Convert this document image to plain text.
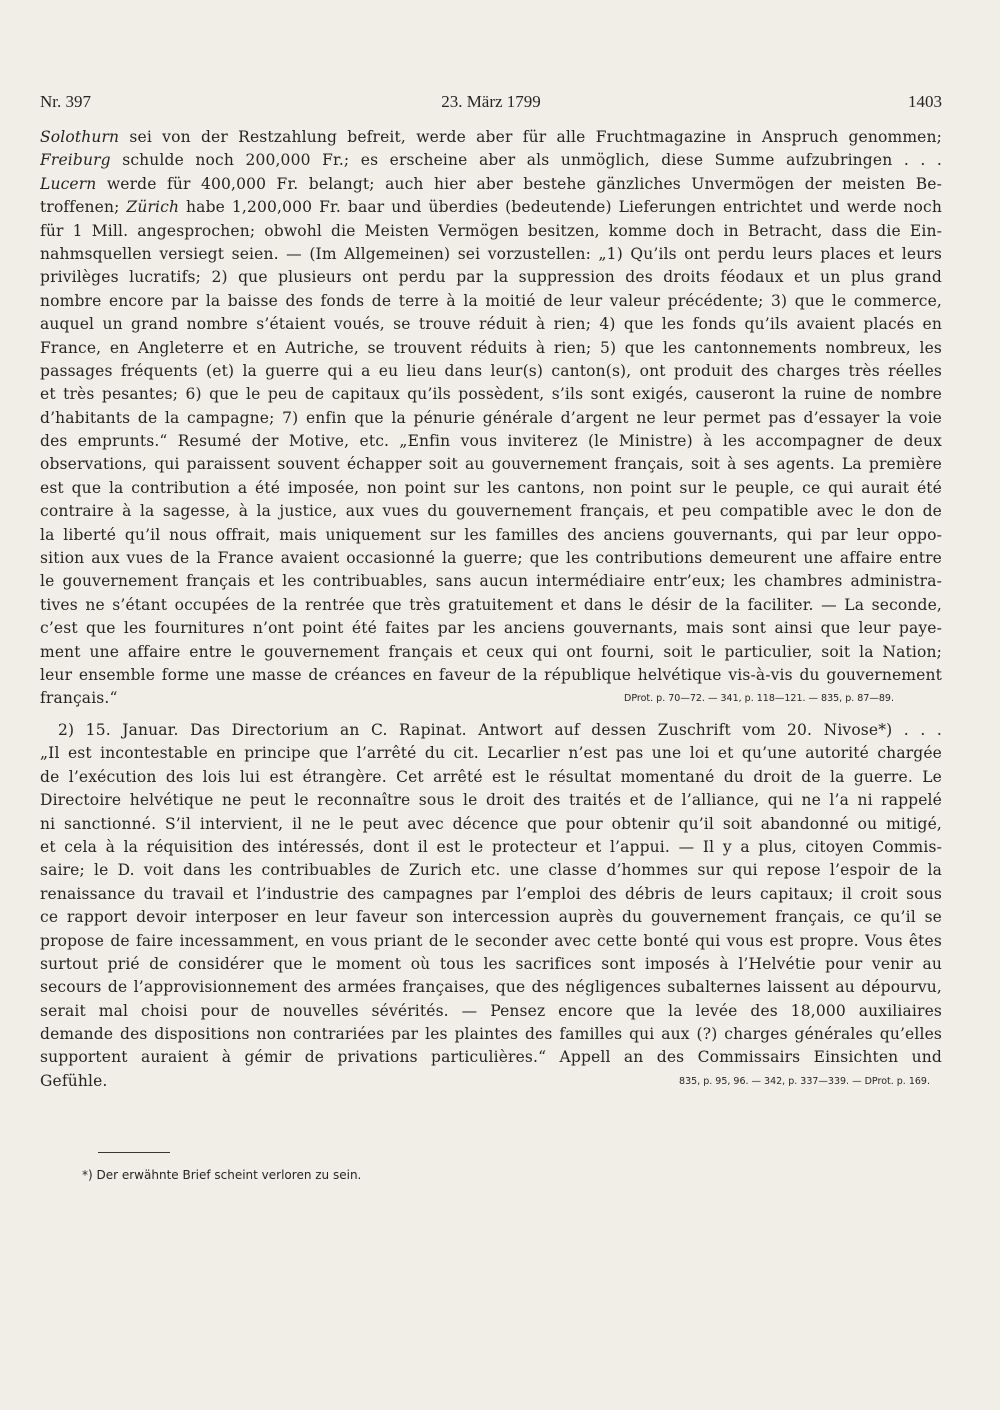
Nr. 397	23. März 1799	1403
Solothurn sei von der Restzahlung befreit, werde aber für alle Fruchtmagazine in Anspruch genommen;
Freiburg schulde noch 200,000 Fr.; es erscheine aber als unmöglich, diese Summe aufzubringen . . .
Lucern werde für 400,000 Fr. belangt; auch hier aber bestehe gänzliches Unvermögen der meisten Be-
troffenen; Zürich habe 1,200,000 Fr. baar und überdies (bedeutende) Lieferungen entrichtet und werde noch
für 1 Mill. angesprochen; obwohl die Meisten Vermögen besitzen, komme doch in Betracht, dass die Ein-
nahmsquellen versiegt seien. — (Im Allgemeinen) sei vorzustellen: „1) Qu’ils ont perdu leurs places et leurs
privilèges lucratifs; 2) que plusieurs ont perdu par la suppression des droits féodaux et un plus grand
nombre encore par la baisse des fonds de terre à la moitié de leur valeur précédente; 3) que le commerce,
auquel un grand nombre s’étaient voués, se trouve réduit à rien; 4) que les fonds qu’ils avaient placés en
France, en Angleterre et en Autriche, se trouvent réduits à rien; 5) que les cantonnements nombreux, les
passages fréquents (et) la guerre qui a eu lieu dans leur(s) canton(s), ont produit des charges très réelles
et très pesantes; 6) que le peu de capitaux qu’ils possèdent, s’ils sont exigés, causeront la ruine de nombre
d’habitants de la campagne; 7) enfin que la pénurie générale d’argent ne leur permet pas d’essayer la voie
des emprunts.“ Resumé der Motive, etc. „Enfin vous inviterez (le Ministre) à les accompagner de deux
observations, qui paraissent souvent échapper soit au gouvernement français, soit à ses agents. La première
est que la contribution a été imposée, non point sur les cantons, non point sur le peuple, ce qui aurait été
contraire à la sagesse, à la justice, aux vues du gouvernement français, et peu compatible avec le don de
la liberté qu’il nous offrait, mais uniquement sur les familles des anciens gouvernants, qui par leur oppo-
sition aux vues de la France avaient occasionné la guerre; que les contributions demeurent une affaire entre
le gouvernement français et les contribuables, sans aucun intermédiaire entr’eux; les chambres administra-
tives ne s’étant occupées de la rentrée que très gratuitement et dans le désir de la faciliter. — La seconde,
c’est que les fournitures n’ont point été faites par les anciens gouvernants, mais sont ainsi que leur paye-
ment une affaire entre le gouvernement français et ceux qui ont fourni, soit le particulier, soit la Nation;
leur ensemble forme une masse de créances en faveur de la république helvétique vis-à-vis du gouvernement
français.“	DProt. p. 70—72. — 341, p. 118—121. — 835, p. 87—89.
2) 15. Januar. Das Directorium an C. Rapinat. Antwort auf dessen Zuschrift vom 20. Nivose*) . . .
„Il est incontestable en principe que l’arrêté du cit. Lecarlier n’est pas une loi et qu’une autorité chargée
de l’exécution des lois lui est étrangère. Cet arrêté est le résultat momentané du droit de la guerre. Le
Directoire helvétique ne peut le reconnaître sous le droit des traités et de l’alliance, qui ne l’a ni rappelé
ni sanctionné. S’il intervient, il ne le peut avec décence que pour obtenir qu’il soit abandonné ou mitigé,
et cela à la réquisition des intéressés, dont il est le protecteur et l’appui. — Il y a plus, citoyen Commis-
saire; le D. voit dans les contribuables de Zurich etc. une classe d’hommes sur qui repose l’espoir de la
renaissance du travail et l’industrie des campagnes par l’emploi des débris de leurs capitaux; il croit sous
ce rapport devoir interposer en leur faveur son intercession auprès du gouvernement français, ce qu’il se
propose de faire incessamment, en vous priant de le seconder avec cette bonté qui vous est propre. Vous êtes
surtout prié de considérer que le moment où tous les sacrifices sont imposés à l’Helvétie pour venir au
secours de l’approvisionnement des armées françaises, que des négligences subalternes laissent au dépourvu,
serait mal choisi pour de nouvelles sévérités. — Pensez encore que la levée des 18,000 auxiliaires
demande des dispositions non contrariées par les plaintes des familles qui aux (?) charges générales qu’elles
supportent auraient à gémir de privations particulières.“ Appell an des Commissairs Einsichten und
Gefühle.	835, p. 95, 96. — 342, p. 337—339. — DProt. p. 169.
*) Der erwähnte Brief scheint verloren zu sein.
